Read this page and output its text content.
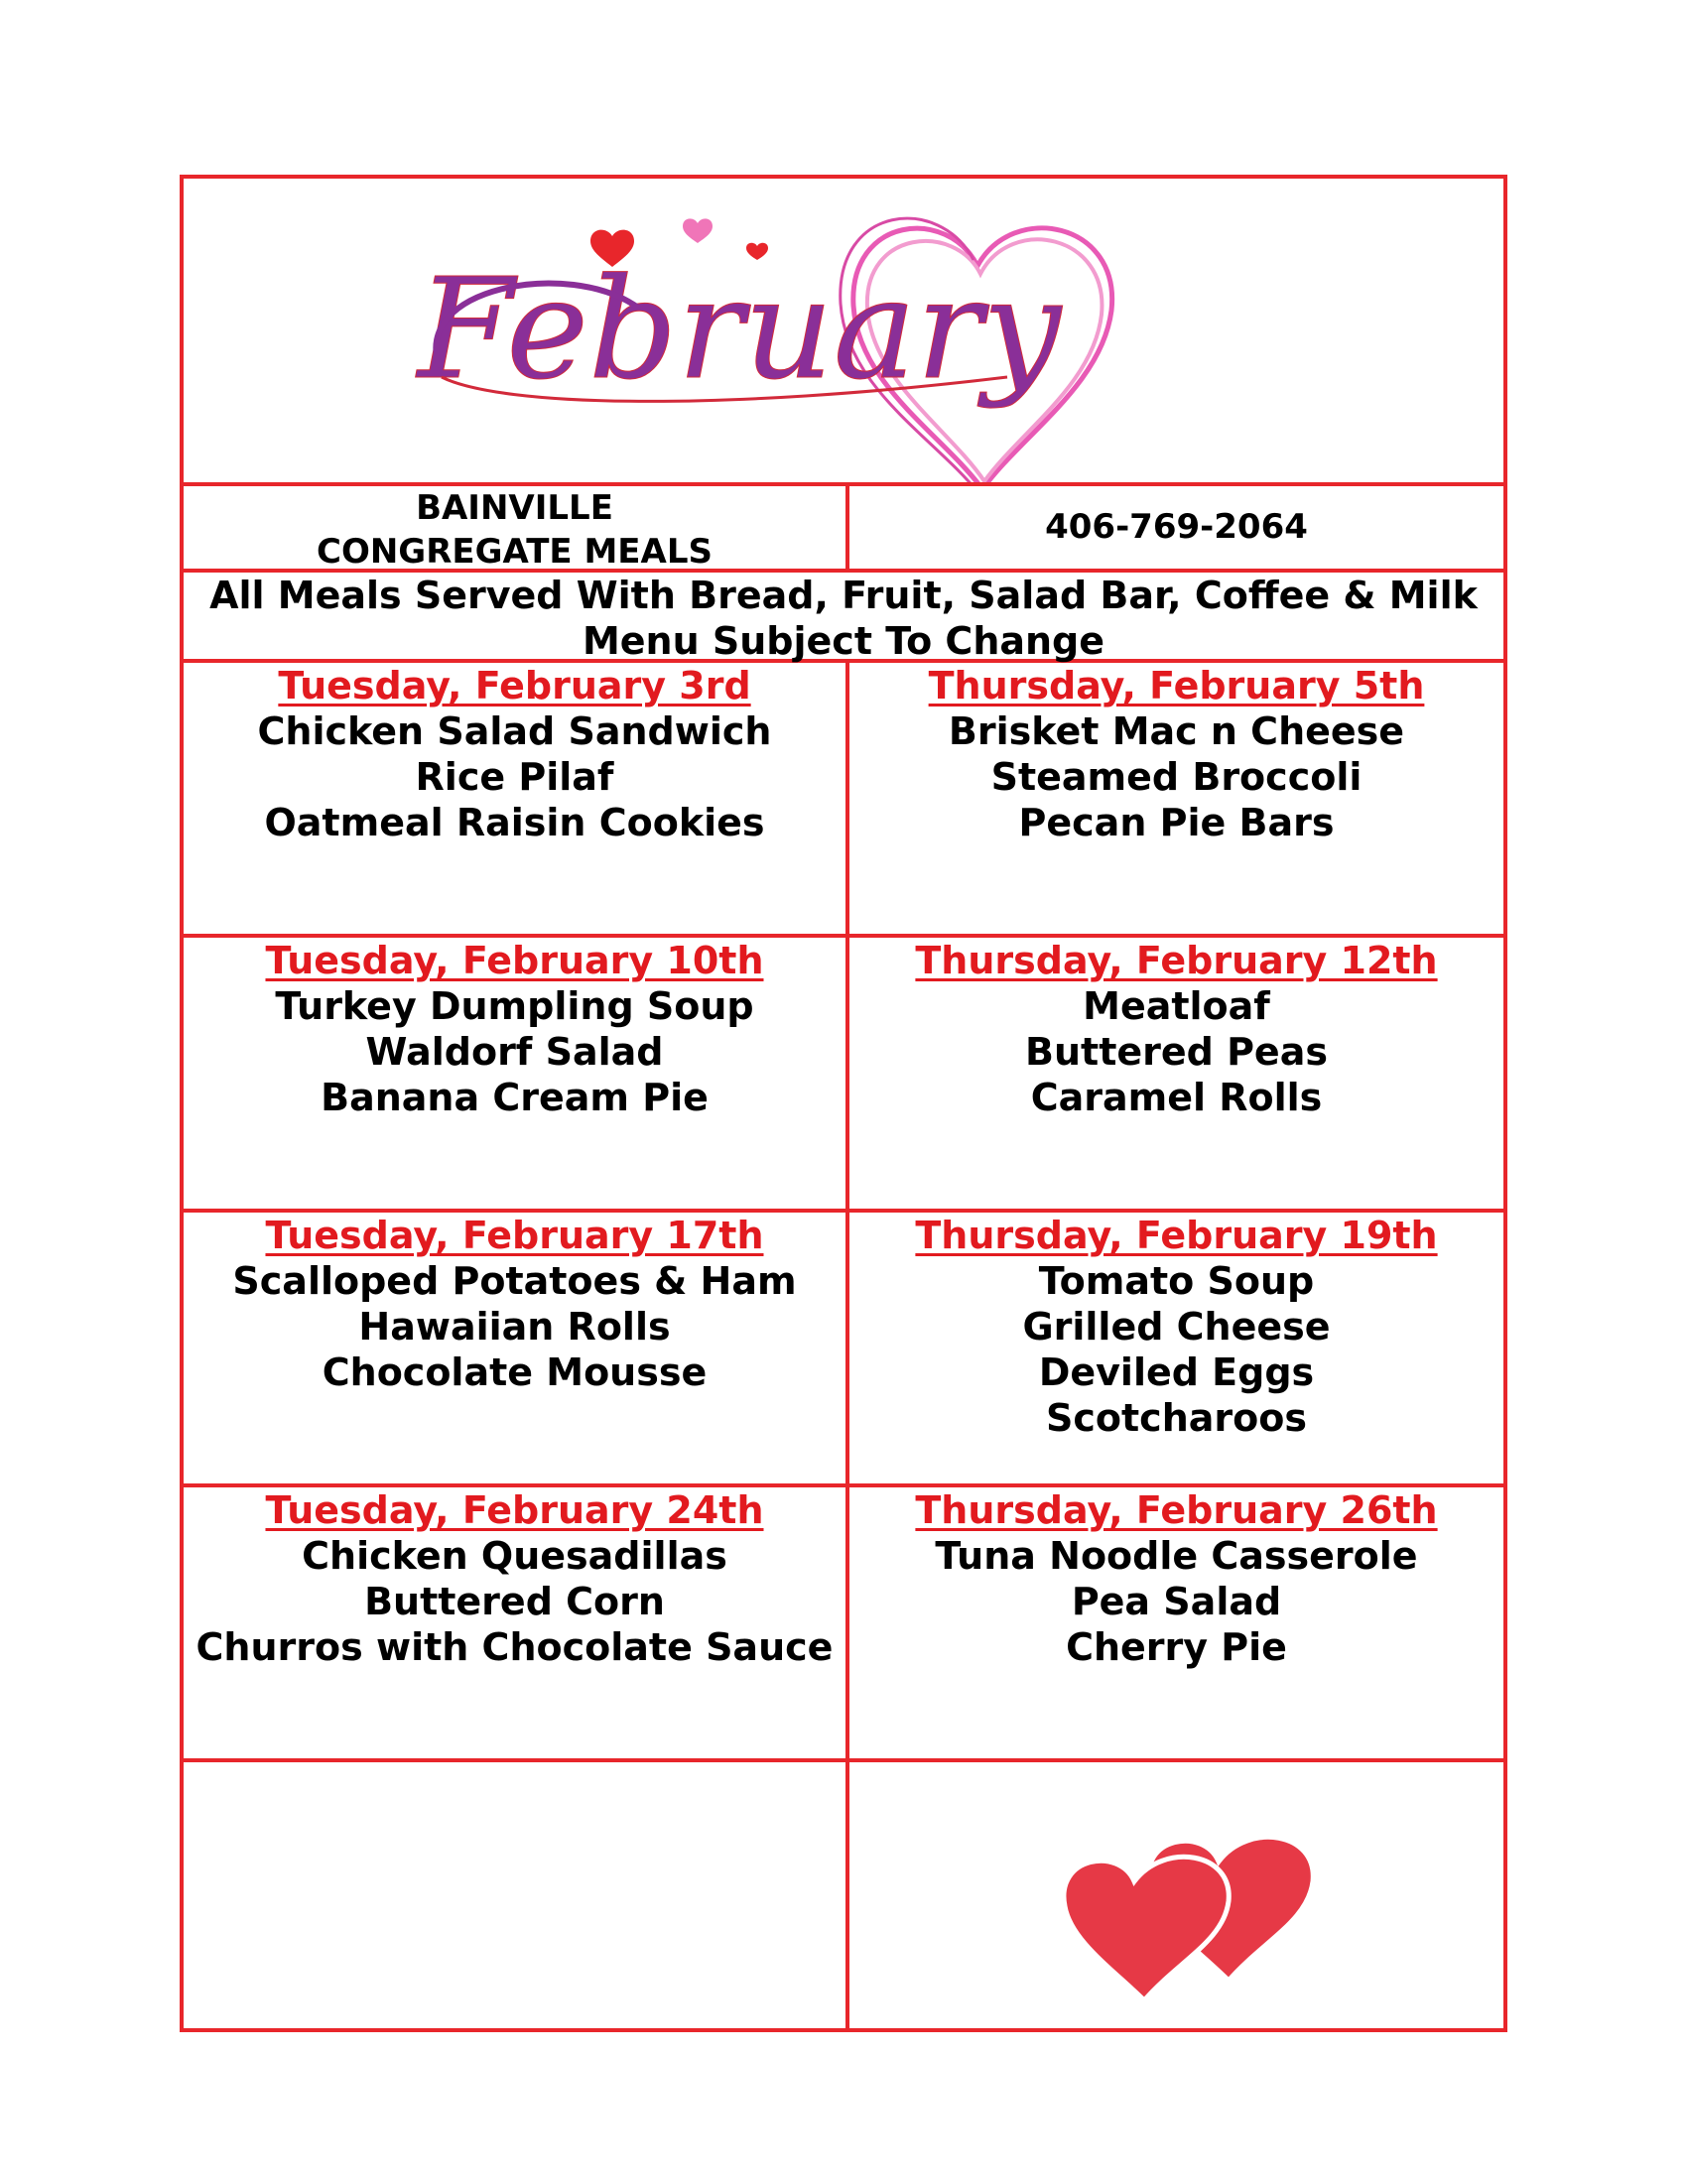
February
BAINVILLE
CONGREGATE MEALS
406-769-2064
All Meals Served With Bread, Fruit, Salad Bar, Coffee & Milk
Menu Subject To Change
Tuesday, February 3rd
Chicken Salad Sandwich
Rice Pilaf
Oatmeal Raisin Cookies
Thursday, February 5th
Brisket Mac n Cheese
Steamed Broccoli
Pecan Pie Bars
Tuesday, February 10th
Turkey Dumpling Soup
Waldorf Salad
Banana Cream Pie
Thursday, February 12th
Meatloaf
Buttered Peas
Caramel Rolls
Tuesday, February 17th
Scalloped Potatoes & Ham
Hawaiian Rolls
Chocolate Mousse
Thursday, February 19th
Tomato Soup
Grilled Cheese
Deviled Eggs
Scotcharoos
Tuesday, February 24th
Chicken Quesadillas
Buttered Corn
Churros with Chocolate Sauce
Thursday, February 26th
Tuna Noodle Casserole
Pea Salad
Cherry Pie
